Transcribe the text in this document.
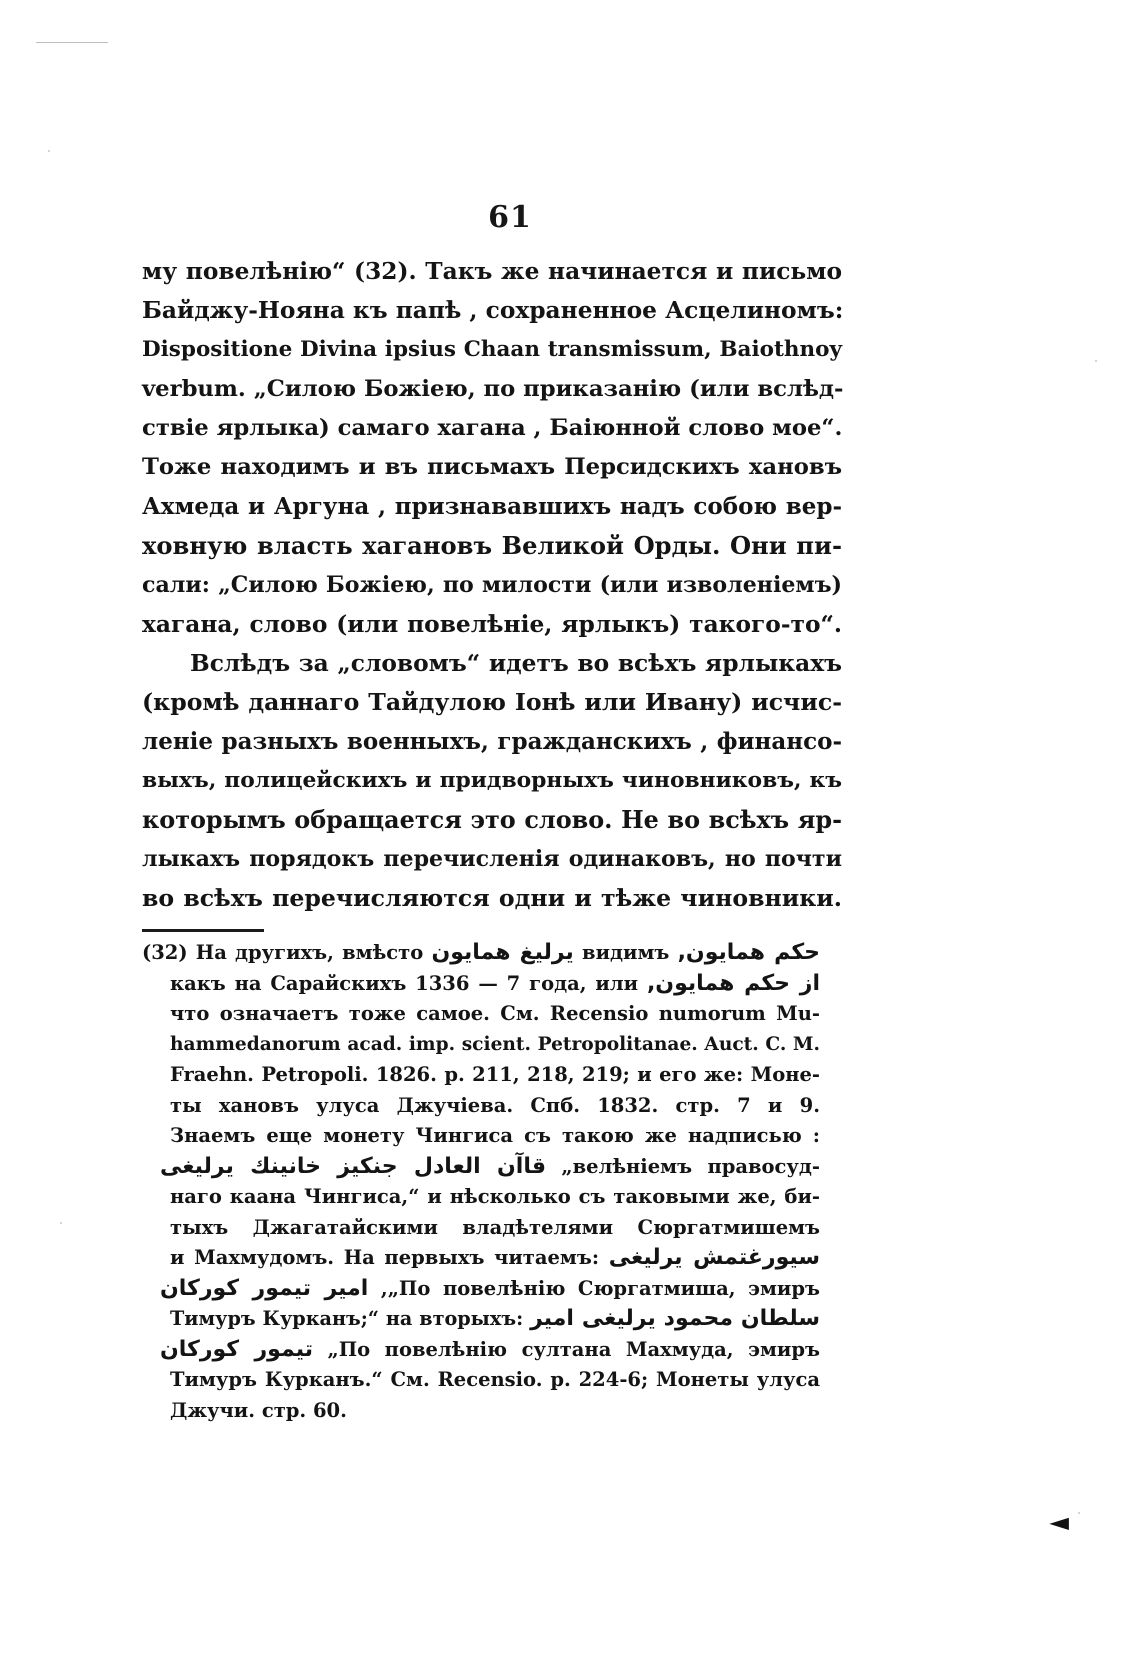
◀
61
му повелѣнію“ (32). Такъ же начинается и письмо
Байджу-Нояна къ папѣ , сохраненное Асцелиномъ:
Dispositione Divina ipsius Chaan transmissum, Baiothnoy
verbum. „Силою Божіею, по приказанію (или вслѣд-
ствіе ярлыка) самаго хагана , Баіюнной слово мое“.
Тоже находимъ и въ письмахъ Персидскихъ хановъ
Ахмеда и Аргуна , признававшихъ надъ собою вер-
ховную власть хагановъ Великой Орды. Они пи-
сали: „Силою Божіею, по милости (или изволеніемъ)
хагана, слово (или повелѣніе, ярлыкъ) такого-то“.
Вслѣдъ за „словомъ“ идетъ во всѣхъ ярлыкахъ
(кромѣ даннаго Тайдулою Іонѣ или Ивану) исчис-
леніе разныхъ военныхъ, гражданскихъ , финансо-
выхъ, полицейскихъ и придворныхъ чиновниковъ, къ
которымъ обращается это слово. Не во всѣхъ яр-
лыкахъ порядокъ перечисленія одинаковъ, но почти
во всѣхъ перечисляются одни и тѣже чиновники.
(32) На другихъ, вмѣсто يرليغ همايون видимъ حكم همايون,
какъ на Сарайскихъ 1336 — 7 года, или از حكم همايون,
что означаетъ тоже самое. См. Recensio numorum Mu-
hammedanorum acad. imp. scient. Petropolitanae. Auct. C. M.
Fraehn. Petropoli. 1826. p. 211, 218, 219; и его же: Моне-
ты хановъ улуса Джучіева. Спб. 1832. стр. 7 и 9.
Знаемъ еще монету Чингиса съ такою же надписью :
قاآن العادل جنكيز خانينك يرليغى „велѣніемъ правосуд-
наго каана Чингиса,“ и нѣсколько съ таковыми же, би-
тыхъ Джагатайскими владѣтелями Сюргатмишемъ
и Махмудомъ. На первыхъ читаемъ: سيورغتمش يرليغى
امير تيمور كوركان ,„По повелѣнію Сюргатмиша, эмиръ
Тимуръ Курканъ;“ на вторыхъ: سلطان محمود يرليغى امير
تيمور كوركان „По повелѣнію султана Махмуда, эмиръ
Тимуръ Курканъ.“ См. Recensio. p. 224-6; Монеты улуса
Джучи. стр. 60.
